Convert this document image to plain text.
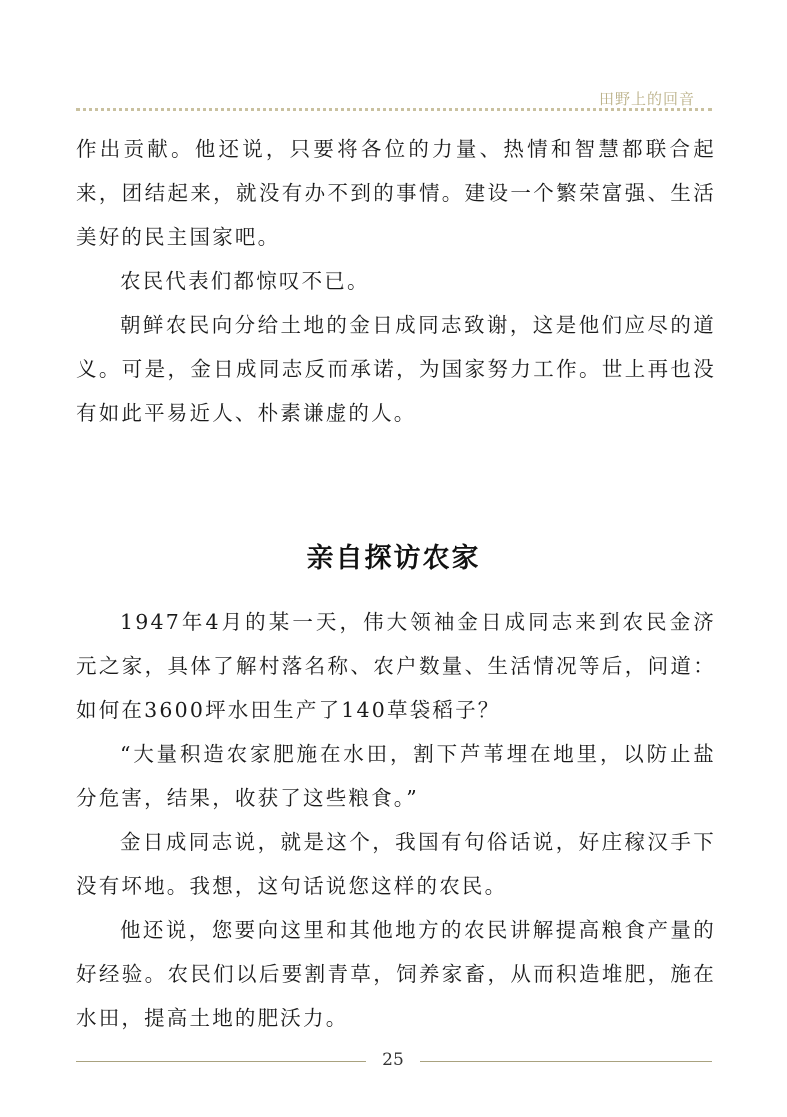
田野上的回音

作出贡献。他还说，只要将各位的力量、热情和智慧都联合起来，团结起来，就没有办不到的事情。建设一个繁荣富强、生活美好的民主国家吧。

农民代表们都惊叹不已。

朝鲜农民向分给土地的金日成同志致谢，这是他们应尽的道义。可是，金日成同志反而承诺，为国家努力工作。世上再也没有如此平易近人、朴素谦虚的人。

亲自探访农家

1947年4月的某一天，伟大领袖金日成同志来到农民金济元之家，具体了解村落名称、农户数量、生活情况等后，问道：如何在3600坪水田生产了140草袋稻子？

“大量积造农家肥施在水田，割下芦苇埋在地里，以防止盐分危害，结果，收获了这些粮食。”

金日成同志说，就是这个，我国有句俗话说，好庄稼汉手下没有坏地。我想，这句话说您这样的农民。

他还说，您要向这里和其他地方的农民讲解提高粮食产量的好经验。农民们以后要割青草，饲养家畜，从而积造堆肥，施在水田，提高土地的肥沃力。

25
